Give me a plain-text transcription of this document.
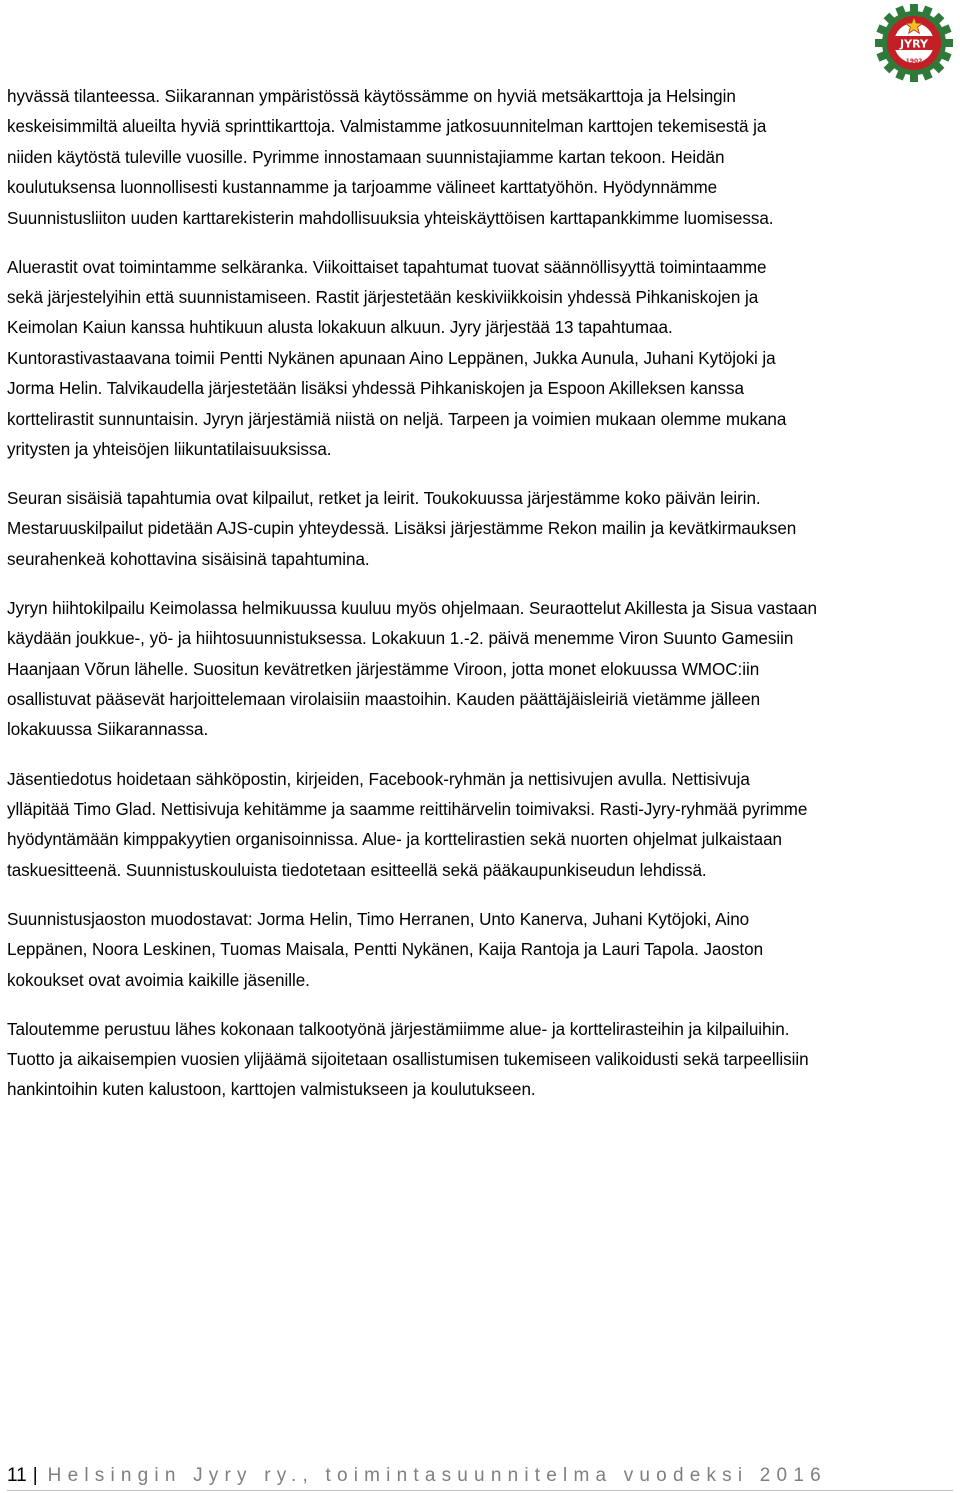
JYRY
1902
hyvässä tilanteessa. Siikarannan ympäristössä käytössämme on hyviä metsäkarttoja ja Helsingin
keskeisimmiltä alueilta hyviä sprinttikarttoja. Valmistamme jatkosuunnitelman karttojen tekemisestä ja
niiden käytöstä tuleville vuosille. Pyrimme innostamaan suunnistajiamme kartan tekoon. Heidän
koulutuksensa luonnollisesti kustannamme ja tarjoamme välineet karttatyöhön. Hyödynnämme
Suunnistusliiton uuden karttarekisterin mahdollisuuksia yhteiskäyttöisen karttapankkimme luomisessa.
Aluerastit ovat toimintamme selkäranka. Viikoittaiset tapahtumat tuovat säännöllisyyttä toimintaamme
sekä järjestelyihin että suunnistamiseen. Rastit järjestetään keskiviikkoisin yhdessä Pihkaniskojen ja
Keimolan Kaiun kanssa huhtikuun alusta lokakuun alkuun. Jyry järjestää 13 tapahtumaa.
Kuntorastivastaavana toimii Pentti Nykänen apunaan Aino Leppänen, Jukka Aunula, Juhani Kytöjoki ja
Jorma Helin. Talvikaudella järjestetään lisäksi yhdessä Pihkaniskojen ja Espoon Akilleksen kanssa
korttelirastit sunnuntaisin. Jyryn järjestämiä niistä on neljä. Tarpeen ja voimien mukaan olemme mukana
yritysten ja yhteisöjen liikuntatilaisuuksissa.
Seuran sisäisiä tapahtumia ovat kilpailut, retket ja leirit. Toukokuussa järjestämme koko päivän leirin.
Mestaruuskilpailut pidetään AJS-cupin yhteydessä. Lisäksi järjestämme Rekon mailin ja kevätkirmauksen
seurahenkeä kohottavina sisäisinä tapahtumina.
Jyryn hiihtokilpailu Keimolassa helmikuussa kuuluu myös ohjelmaan. Seuraottelut Akillesta ja Sisua vastaan
käydään joukkue-, yö- ja hiihtosuunnistuksessa. Lokakuun 1.-2. päivä menemme Viron Suunto Gamesiin
Haanjaan Võrun lähelle. Suositun kevätretken järjestämme Viroon, jotta monet elokuussa WMOC:iin
osallistuvat pääsevät harjoittelemaan virolaisiin maastoihin. Kauden päättäjäisleiriä vietämme jälleen
lokakuussa Siikarannassa.
Jäsentiedotus hoidetaan sähköpostin, kirjeiden, Facebook-ryhmän ja nettisivujen avulla. Nettisivuja
ylläpitää Timo Glad. Nettisivuja kehitämme ja saamme reittihärvelin toimivaksi. Rasti-Jyry-ryhmää pyrimme
hyödyntämään kimppakyytien organisoinnissa. Alue- ja korttelirastien sekä nuorten ohjelmat julkaistaan
taskuesitteenä. Suunnistuskouluista tiedotetaan esitteellä sekä pääkaupunkiseudun lehdissä.
Suunnistusjaoston muodostavat: Jorma Helin, Timo Herranen, Unto Kanerva, Juhani Kytöjoki, Aino
Leppänen, Noora Leskinen, Tuomas Maisala, Pentti Nykänen, Kaija Rantoja ja Lauri Tapola. Jaoston
kokoukset ovat avoimia kaikille jäsenille.
Taloutemme perustuu lähes kokonaan talkootyönä järjestämiimme alue- ja korttelirasteihin ja kilpailuihin.
Tuotto ja aikaisempien vuosien ylijäämä sijoitetaan osallistumisen tukemiseen valikoidusti sekä tarpeellisiin
hankintoihin kuten kalustoon, karttojen valmistukseen ja koulutukseen.
11 | Helsingin Jyry ry., toimintasuunnitelma vuodeksi 2016
